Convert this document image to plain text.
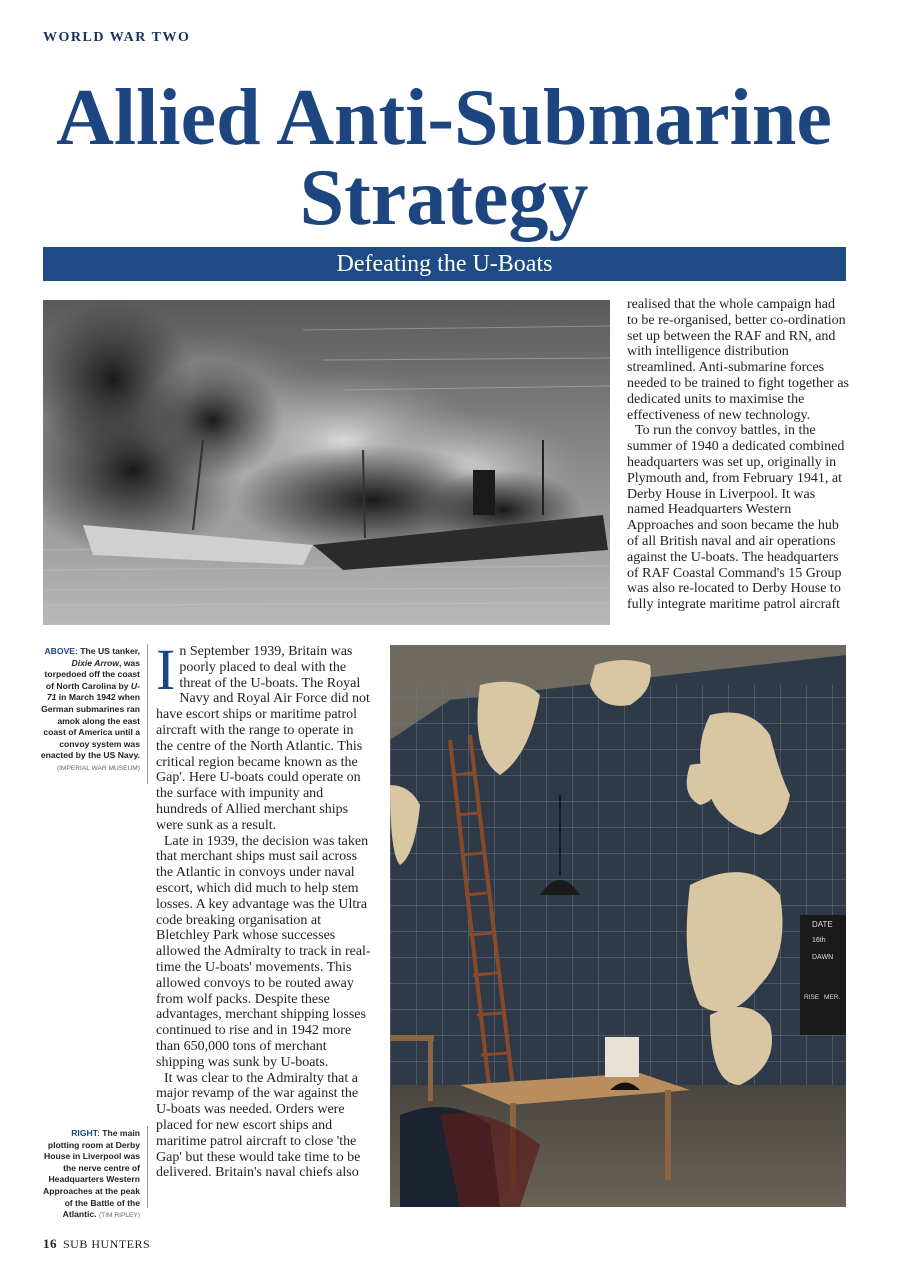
WORLD WAR TWO
Allied Anti-Submarine
Strategy
Defeating the U-Boats

realised that the whole campaign had to be re-organised, better co-ordination set up between the RAF and RN, and with intelligence distribution streamlined. Anti-submarine forces needed to be trained to fight together as dedicated units to maximise the effectiveness of new technology.

To run the convoy battles, in the summer of 1940 a dedicated combined headquarters was set up, originally in Plymouth and, from February 1941, at Derby House in Liverpool. It was named Headquarters Western Approaches and soon became the hub of all British naval and air operations against the U-boats. The headquarters of RAF Coastal Command's 15 Group was also re-located to Derby House to fully integrate maritime patrol aircraft

ABOVE: The US tanker, Dixie Arrow, was torpedoed off the coast of North Carolina by U-71 in March 1942 when German submarines ran amok along the east coast of America until a convoy system was enacted by the US Navy. (IMPERIAL WAR MUSEUM)
RIGHT: The main plotting room at Derby House in Liverpool was the nerve centre of Headquarters Western Approaches at the peak of the Battle of the Atlantic. (TIM RIPLEY)

In September 1939, Britain was poorly placed to deal with the threat of the U-boats. The Royal Navy and Royal Air Force did not have escort ships or maritime patrol aircraft with the range to operate in the centre of the North Atlantic. This critical region became known as the Gap'. Here U-boats could operate on the surface with impunity and hundreds of Allied merchant ships were sunk as a result.

Late in 1939, the decision was taken that merchant ships must sail across the Atlantic in convoys under naval escort, which did much to help stem losses. A key advantage was the Ultra code breaking organisation at Bletchley Park whose successes allowed the Admiralty to track in real-time the U-boats' movements. This allowed convoys to be routed away from wolf packs. Despite these advantages, merchant shipping losses continued to rise and in 1942 more than 650,000 tons of merchant shipping was sunk by U-boats.

It was clear to the Admiralty that a major revamp of the war against the U-boats was needed. Orders were placed for new escort ships and maritime patrol aircraft to close 'the Gap' but these would take time to be delivered. Britain's naval chiefs also

DATE
16th
DAWN
RISE MER.
16 SUB HUNTERS
